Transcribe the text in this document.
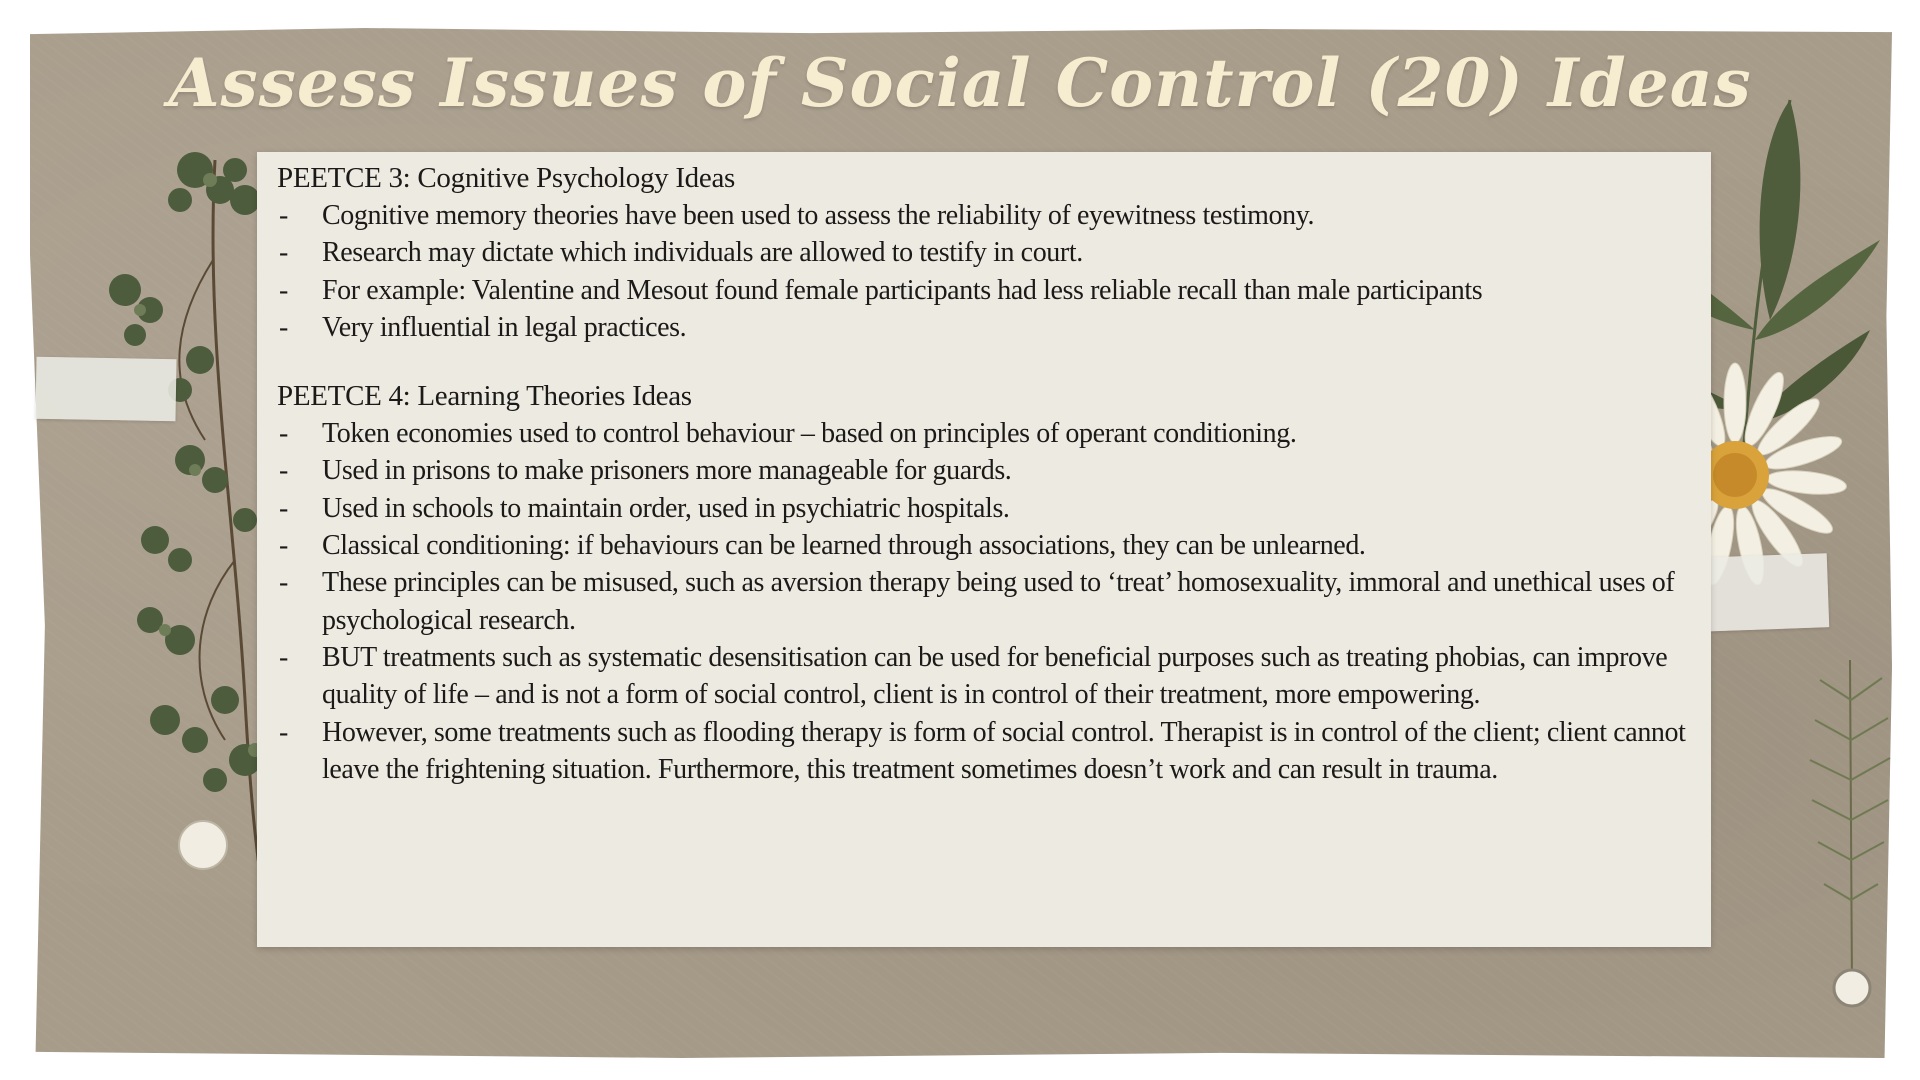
Assess Issues of Social Control (20) Ideas
PEETCE 3: Cognitive Psychology Ideas
- Cognitive memory theories have been used to assess the reliability of eyewitness testimony.
- Research may dictate which individuals are allowed to testify in court.
- For example: Valentine and Mesout found female participants had less reliable recall than male participants
- Very influential in legal practices.
PEETCE 4: Learning Theories Ideas
- Token economies used to control behaviour – based on principles of operant conditioning.
- Used in prisons to make prisoners more manageable for guards.
- Used in schools to maintain order, used in psychiatric hospitals.
- Classical conditioning: if behaviours can be learned through associations, they can be unlearned.
- These principles can be misused, such as aversion therapy being used to ‘treat’ homosexuality, immoral and unethical uses of psychological research.
- BUT treatments such as systematic desensitisation can be used for beneficial purposes such as treating phobias, can improve quality of life – and is not a form of social control, client is in control of their treatment, more empowering.
- However, some treatments such as flooding therapy is form of social control. Therapist is in control of the client; client cannot leave the frightening situation. Furthermore, this treatment sometimes doesn’t work and can result in trauma.
